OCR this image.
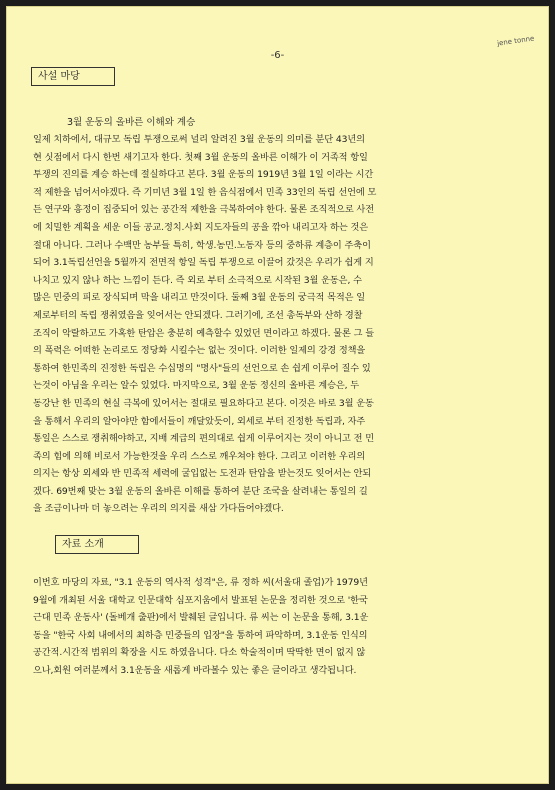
-6-
jene tonne
사설 마당
3월 운동의 올바른 이해와 계승
일제 치하에서, 대규모 독립 투쟁으로써 널리 알려진 3월 운동의 의미를 분단 43년의
현 싯점에서 다시 한번 새기고자 한다. 첫째 3월 운동의 올바른 이해가 이 거족적 항일
투쟁의 진의를 계승 하는데 절실하다고 본다. 3월 운동의 1919년 3월 1일 이라는 시간
적 제한을 넘어서야겠다. 즉 기미년 3월 1일 한 음식점에서 민족 33인의 독립 선언에 모
든 연구와 흥정이 집중되어 있는 공간적 제한을 극복하여야 한다. 물론 조직적으로 사전
에 치밀한 계획을 세운 이들 공교.정치.사회 지도자들의 공을 깎아 내리고자 하는 것은
절대 아니다. 그러나 수백만 농부들 특히, 학생.농민.노동자 등의 중하류 계층이 주축이
되어 3.1독립선언을 5월까지 전면적 항일 독립 투쟁으로 이끌어 갔것은 우리가 쉽게 지
나치고 있지 않나 하는 느낌이 든다. 즉 외로 부터 소극적으로 시작된 3월 운동은, 수
많은 민중의 피로 장식되며 막을 내리고 만것이다. 둘째 3월 운동의 궁극적 목적은 일
제로부터의 독립 쟁취였음을 잊어서는 안되겠다. 그러기에, 조선 총독부와 산하 경찰
조직이 악랄하고도 가혹한 탄압은 충분히 예측할수 있었던 면이라고 하겠다. 물론 그 들
의 폭력은 어떠한 논리로도 정당화 시킬수는 없는 것이다. 이러한 일제의 강경 정책을
통하여 한민족의 진정한 독립은 수십명의 "명사"들의 선언으로 손 쉽게 이루어 질수 있
는것이 아님을 우리는 알수 있었다. 마지막으로, 3월 운동 정신의 올바른 계승은, 두
동강난 한 민족의 현실 극복에 있어서는 절대로 필요하다고 본다. 이것은 바로 3월 운동
을 통해서 우리의 알아야만 함에서들이 깨달았듯이, 외세로 부터 진정한 독립과, 자주
통일은 스스로 쟁취해야하고, 지배 계급의 편의대로 쉽게 이루어지는 것이 아니고 전 민
족의 힘에 의해 비로서 가능한것을 우리 스스로 깨우쳐야 한다. 그리고 이러한 우리의
의지는 항상 외세와 반 민족적 세력에 굴입없는 도전과 탄압을 받는것도 잊어서는 안되
겠다. 69번째 맞는 3월 운동의 올바른 이해를 통하여 분단 조국을 살려내는 통일의 길
을 조금이나마 더 놓으려는 우리의 의지를 새삼 가다듬어야겠다.
자료 소개
이번호 마당의 자료, "3.1 운동의 역사적 성격"은, 류 정하 씨(서울대 졸업)가 1979년
9월에 개최된 서울 대학교 인문대학 심포지움에서 발표된 논문을 정리한 것으로 '한국
근대 민족 운동사' (돌베개 출판)에서 발췌된 글입니다. 류 씨는 이 논문을 통해, 3.1운
동을 "한국 사회 내에서의 최하층 민중들의 입장"을 통하여 파악하며, 3.1운동 인식의
공간적.시간적 범위의 확장을 시도 하였읍니다. 다소 학술적이며 딱딱한 면이 없지 않
으나,회원 여러분께서 3.1운동을 새롭게 바라볼수 있는 좋은 글이라고 생각됩니다.
